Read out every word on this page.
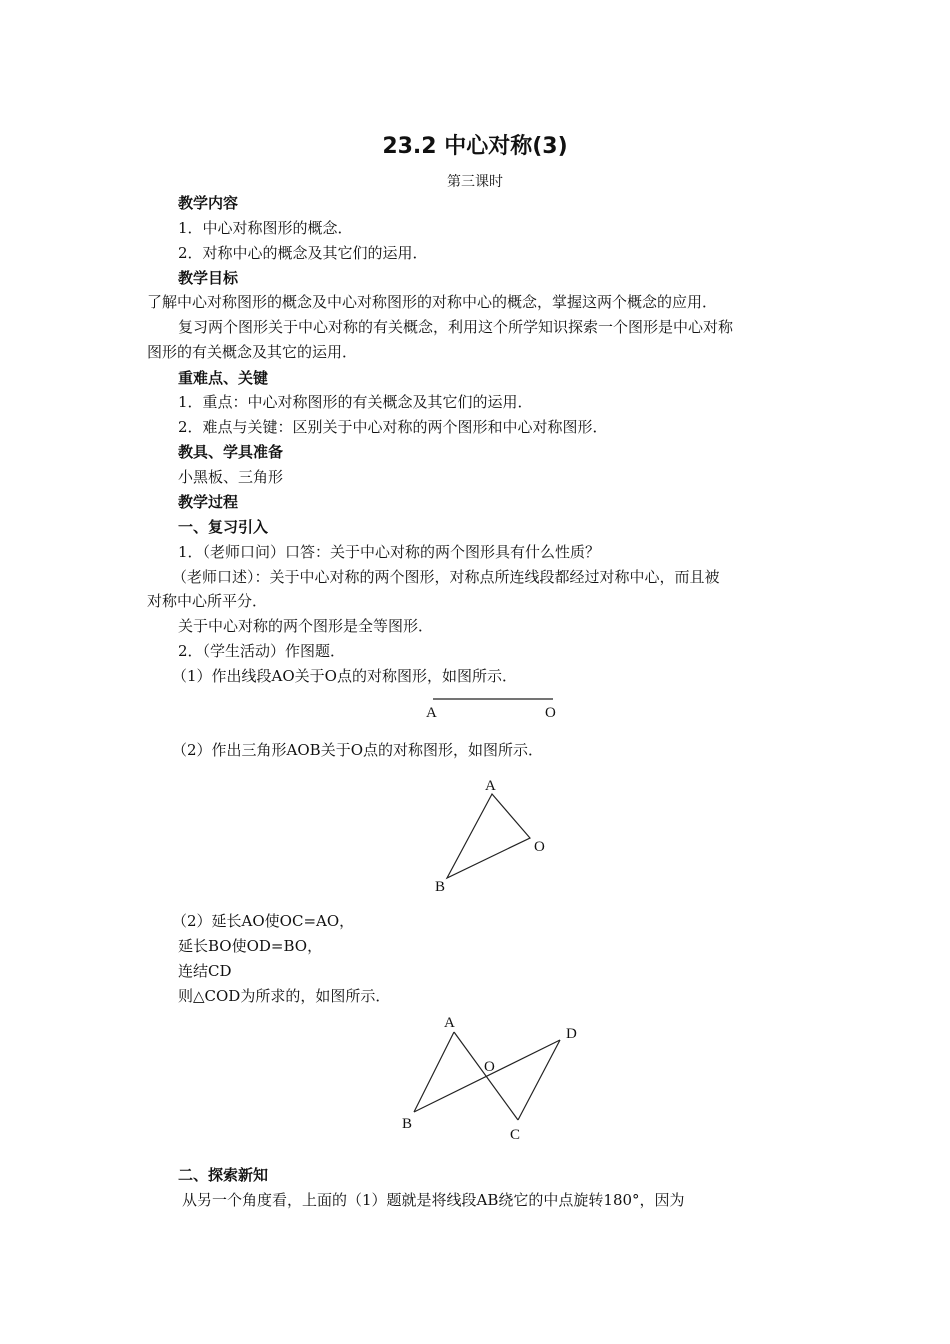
23.2 中心对称(3)
第三课时
教学内容
1．中心对称图形的概念．
2．对称中心的概念及其它们的运用．
教学目标
了解中心对称图形的概念及中心对称图形的对称中心的概念，掌握这两个概念的应用．
复习两个图形关于中心对称的有关概念，利用这个所学知识探索一个图形是中心对称
图形的有关概念及其它的运用．
重难点、关键
1．重点：中心对称图形的有关概念及其它们的运用．
2．难点与关键：区别关于中心对称的两个图形和中心对称图形．
教具、学具准备
小黑板、三角形
教学过程
一、复习引入
1．（老师口问）口答：关于中心对称的两个图形具有什么性质？
（老师口述）：关于中心对称的两个图形，对称点所连线段都经过对称中心，而且被
对称中心所平分．
关于中心对称的两个图形是全等图形．
2．（学生活动）作图题．
（1）作出线段AO关于O点的对称图形，如图所示．
（2）作出三角形AOB关于O点的对称图形，如图所示．
（2）延长AO使OC=AO，
延长BO使OD=BO，
连结CD
则△COD为所求的，如图所示．
二、探索新知
从另一个角度看，上面的（1）题就是将线段AB绕它的中点旋转180°，因为
A	O
A
O
B
A
D
O
B
C
